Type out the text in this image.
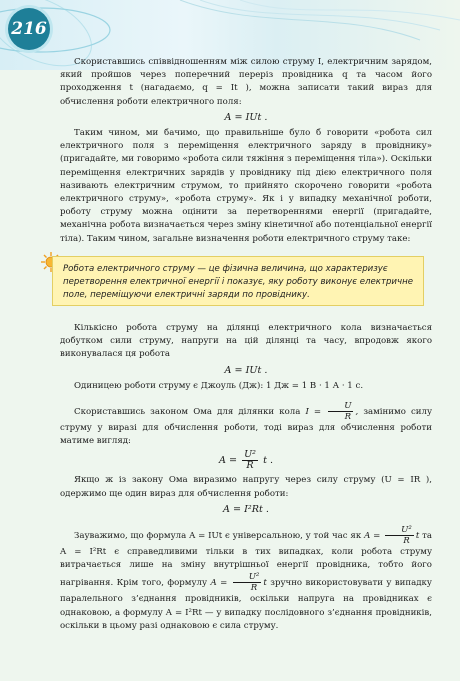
216

Скориставшись співвідношенням між силою струму I, електричним зарядом, який пройшов через поперечний переріз провідника q та часом його проходження t (нагадаємо, q = It ), можна записати такий вираз для обчислення роботи електричного поля:

A = IUt .

Таким чином, ми бачимо, що правильніше було б говорити «робота сил електричного поля з переміщення електричного заряду в провіднику» (пригадайте, ми говоримо «робота сили тяжіння з переміщення тіла»). Оскільки переміщення електричних зарядів у провіднику під дією електричного поля називають електричним струмом, то прийнято скорочено говорити «робота електричного струму», «робота струму». Як і у випадку механічної роботи, роботу струму можна оцінити за перетвореннями енергії (пригадайте, механічна робота визначається через зміну кінетичної або потенціальної енергії тіла). Таким чином, загальне визначення роботи електричного струму таке:

Робота електричного струму — це фізична величина, що характеризує перетворення електричної енергії і показує, яку роботу виконує електричне поле, переміщуючи електричні заряди по провіднику.

Кількісно робота струму на ділянці електричного кола визначається добутком сили струму, напруги на цій ділянці та часу, впродовж якого виконувалася ця робота

A = IUt .

Одиницею роботи струму є Джоуль (Дж): 1 Дж = 1 В · 1 А · 1 с.

Скориставшись законом Ома для ділянки кола $I = \frac{U}{R}$ , замінимо силу струму у виразі для обчислення роботи, тоді вираз для обчислення роботи матиме вигляд:

$A = \frac{\text{U²}}{R}$ t .

Якщо ж із закону Ома виразимо напругу через силу струму (U = IR ), одержимо ще один вираз для обчислення роботи:

A = I²Rt .

Зауважимо, що формула A = IUt є універсальною, у той час як $A = \frac{\text{U²}}{R}$ t та A = I²Rt є справедливими тільки в тих випадках, коли робота струму витрачається лише на зміну внутрішньої енергії провідника, тобто його нагрівання. Крім того, формулу $A = \frac{\text{U²}}{R}$ t зручно використовувати у випадку паралельного з’єднання провідників, оскільки напруга на провідниках є однаковою, а формулу A = I²Rt — у випадку послідовного з’єднання провідників, оскільки в цьому разі однаковою є сила струму.
